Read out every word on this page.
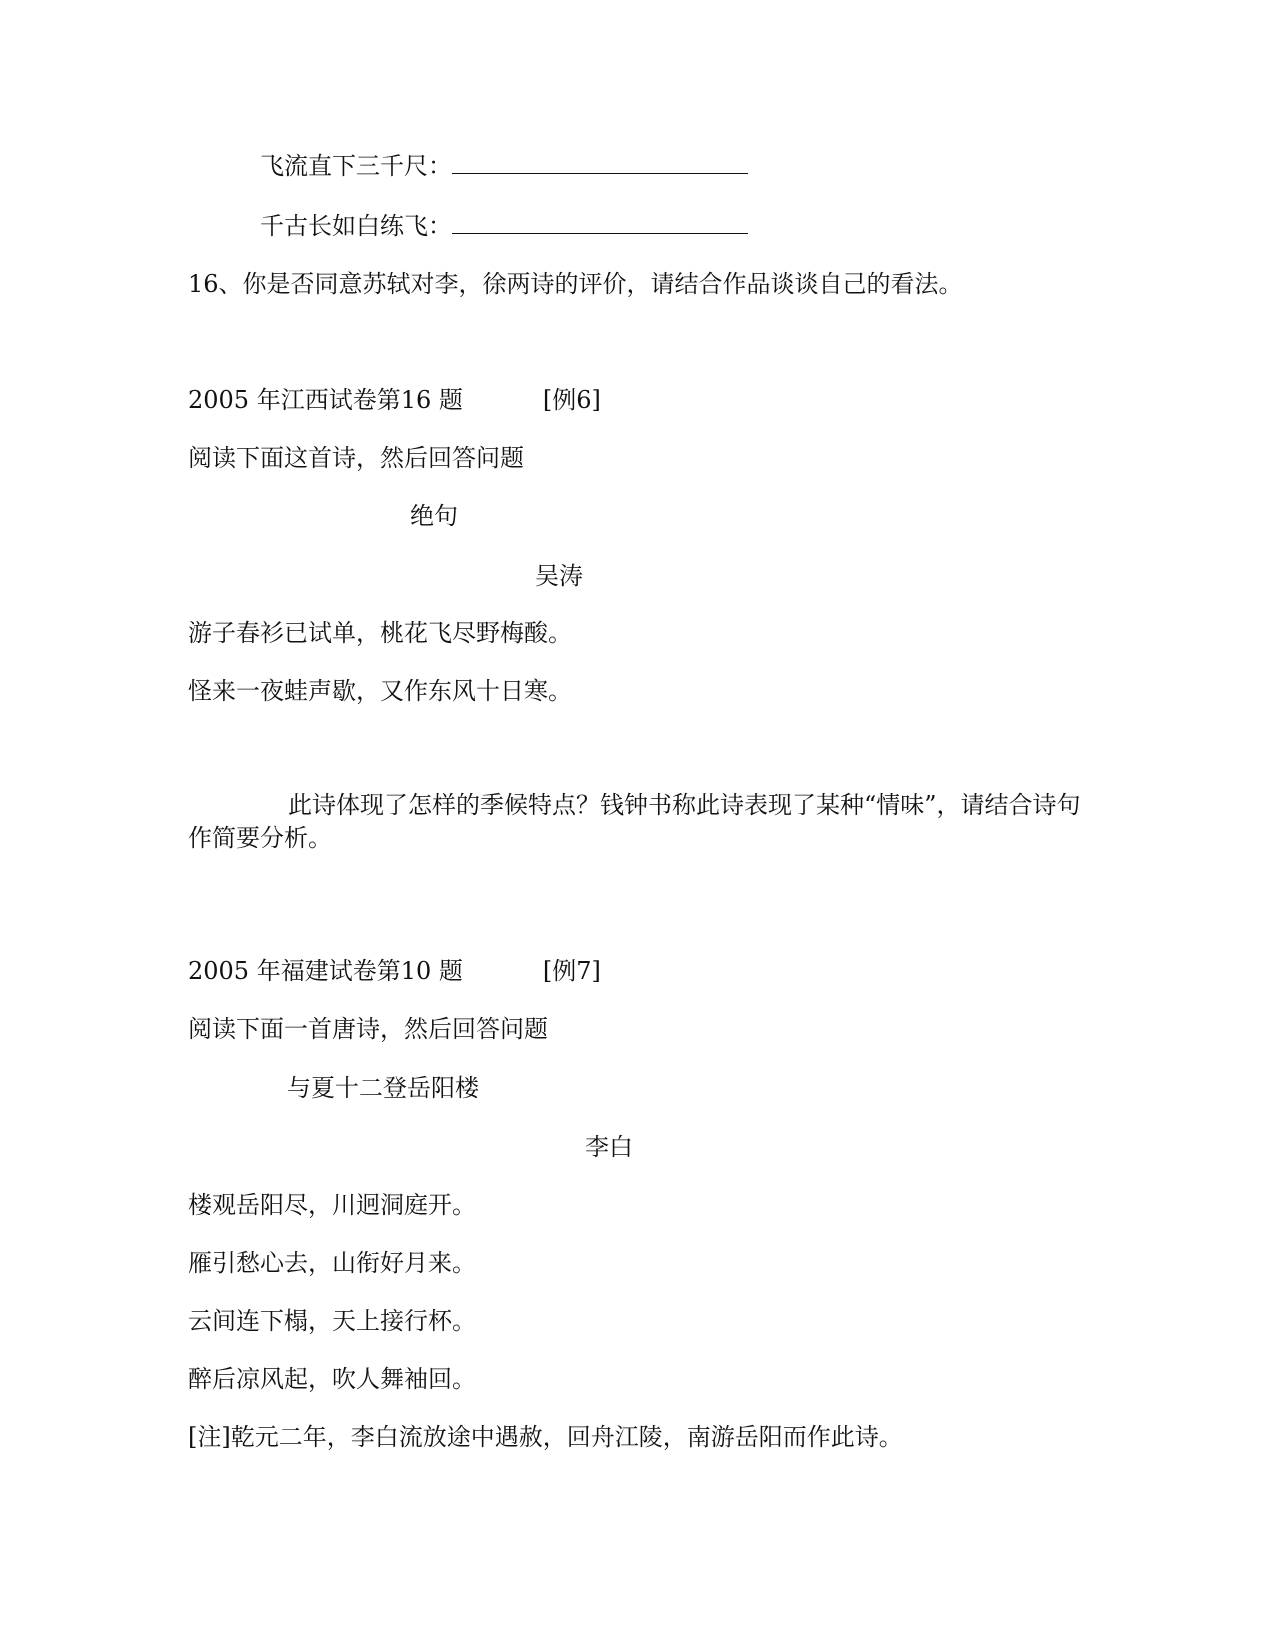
飞流直下三千尺：
千古长如白练飞：
16、你是否同意苏轼对李，徐两诗的评价，请结合作品谈谈自己的看法。
2005 年江西试卷第16 题	[例6]
阅读下面这首诗，然后回答问题
绝句
吴涛
游子春衫已试单，桃花飞尽野梅酸。
怪来一夜蛙声歇，又作东风十日寒。
此诗体现了怎样的季候特点？钱钟书称此诗表现了某种“情味”，请结合诗句作简要分析。
2005 年福建试卷第10 题	[例7]
阅读下面一首唐诗，然后回答问题
与夏十二登岳阳楼
李白
楼观岳阳尽，川迥洞庭开。
雁引愁心去，山衔好月来。
云间连下榻，天上接行杯。
醉后凉风起，吹人舞袖回。
[注]乾元二年，李白流放途中遇赦，回舟江陵，南游岳阳而作此诗。
